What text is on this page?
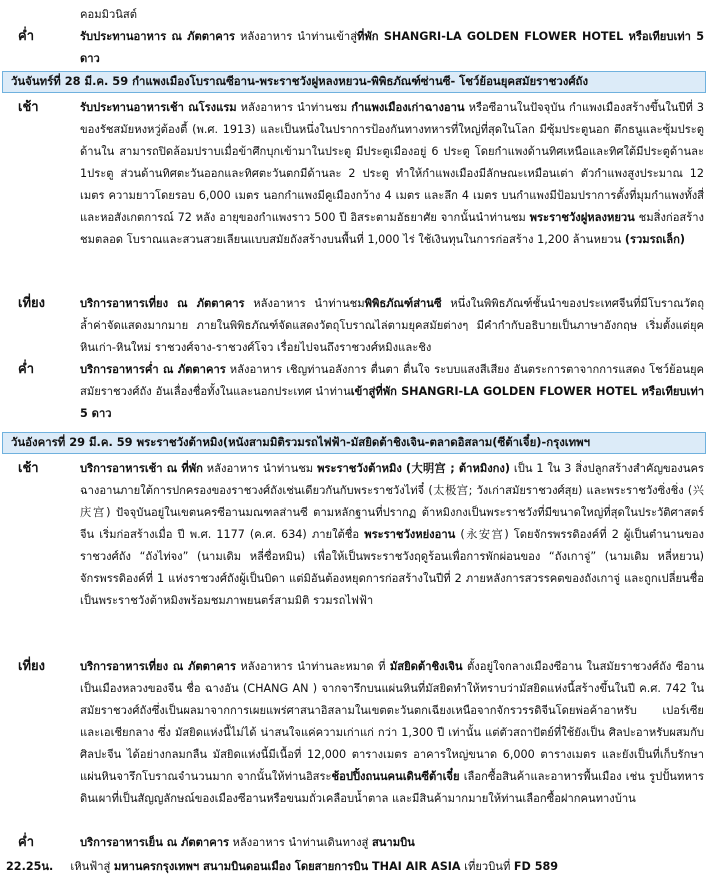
คอมมิวนิสต์
ค่ำ	รับประทานอาหาร ณ ภัตตาคาร หลังอาหาร นำท่านเข้าสู่ที่พัก SHANGRI-LA GOLDEN FLOWER HOTEL หรือเทียบเท่า 5 ดาว
วันจันทร์ที่ 28 มี.ค. 59 กำแพงเมืองโบราณซีอาน-พระราชวังฝูหลงหยวน-พิพิธภัณฑ์ซ่านซี- โชว์ย้อนยุคสมัยราชวงศ์ถัง
เช้า	รับประทานอาหารเช้า ณโรงแรม หลังอาหาร นำท่านชม กำแพงเมืองเก่าฉางอาน หรือซีอานในปัจจุบัน กำแพงเมืองสร้างขึ้นในปีที่ 3 ของรัชสมัยหงหวู่ต้องตี้ (พ.ศ. 1913) และเป็นหนึ่งในปราการป้องกันทางทหารที่ใหญ่ที่สุดในโลก มีซุ้มประตูนอก ตึกธนูและซุ้มประตูด้านใน สามารถปิดล้อมปราบเมื่อข้าศึกบุกเข้ามาในประตู มีประตูเมืองอยู่ 6 ประตู โดยกำแพงด้านทิศเหนือและทิศใต้มีประตูด้านละ 1ประตู ส่วนด้านทิศตะวันออกและทิศตะวันตกมีด้านละ 2 ประตู ทำให้กำแพงเมืองมีลักษณะเหมือนเต่า ตัวกำแพงสูงประมาณ 12 เมตร ความยาวโดยรอบ 6,000 เมตร นอกกำแพงมีคูเมืองกว้าง 4 เมตร และลึก 4 เมตร บนกำแพงมีป้อมปราการตั้งที่มุมกำแพงทั้งสี่ และหอสังเกตการณ์ 72 หลัง อายุของกำแพงราว 500 ปี อิสระตามอัธยาศัย จากนั้นนำท่านชม พระราชวังฝูหลงหยวน ชมสิ่งก่อสร้าง ชมตลอด โบราณและสวนสวยเลียนแบบสมัยถังสร้างบนพื้นที่ 1,000 ไร่ ใช้เงินทุนในการก่อสร้าง 1,200 ล้านหยวน (รวมรถเล็ก)
เที่ยง	บริการอาหารเที่ยง ณ ภัตตาคาร หลังอาหาร นำท่านชมพิพิธภัณฑ์ส่านซี หนึ่งในพิพิธภัณฑ์ชั้นนำของประเทศจีนที่มีโบราณวัตถุล้ำค่าจัดแสดงมากมาย ภายในพิพิธภัณฑ์จัดแสดงวัตถุโบราณไล่ตามยุคสมัยต่างๆ มีคำกำกับอธิบายเป็นภาษาอังกฤษ เริ่มตั้งแต่ยุคหินเก่า-หินใหม่ ราชวงศ์จาง-ราชวงศ์โจว เรื่อยไปจนถึงราชวงศ์หมิงและชิง
ค่ำ	บริการอาหารค่ำ ณ ภัตตาคาร หลังอาหาร เชิญท่านอลังการ ตื่นตา ตื่นใจ ระบบแสงสีเสียง อันตระการตาจากการแสดง โชว์ย้อนยุคสมัยราชวงศ์ถัง อันเลื่องชื่อทั้งในและนอกประเทศ นำท่านเข้าสู่ที่พัก SHANGRI-LA GOLDEN FLOWER HOTEL หรือเทียบเท่า 5 ดาว
วันอังคารที่ 29 มี.ค. 59 พระราชวังต้าหมิง(หนังสามมิติรวมรถไฟฟ้า-มัสยิดต้าชิงเจิน-ตลาดอิสลาม(ซีต้าเจี๋ย)-กรุงเทพฯ
เช้า	บริการอาหารเช้า ณ ที่พัก หลังอาหาร นำท่านชม พระราชวังต้าหมิง (大明宫 ; ต้าหมิงกง) เป็น 1 ใน 3 สิ่งปลูกสร้างสำคัญของนครฉางอานภายใต้การปกครองของราชวงศ์ถังเช่นเดียวกันกับพระราชวังไท่จี๋ (太极宫; วังเก่าสมัยราชวงศ์สุย) และพระราชวังซิ่งชิ่ง (兴庆宫) ปัจจุบันอยู่ในเขตนครซีอานมณฑลส่านซี ตามหลักฐานที่ปรากฏ ต้าหมิงกงเป็นพระราชวังที่มีขนาดใหญ่ที่สุดในประวัติศาสตร์จีน เริ่มก่อสร้างเมื่อ ปี พ.ศ. 1177 (ค.ศ. 634) ภายใต้ชื่อ พระราชวังหย่งอาน (永安宫) โดยจักรพรรดิองค์ที่ 2 ผู้เป็นตำนานของราชวงศ์ถัง “ถังไท่จง” (นามเดิม หลี่ซื่อหมิน) เพื่อให้เป็นพระราชวังฤดูร้อนเพื่อการพักผ่อนของ “ถังเกาจู่” (นามเดิม หลี่หยวน) จักรพรรดิองค์ที่ 1 แห่งราชวงศ์ถังผู้เป็นบิดา แต่มิอันต้องหยุดการก่อสร้างในปีที่ 2 ภายหลังการสวรรคตของถังเกาจู่ และถูกเปลี่ยนชื่อเป็นพระราชวังต้าหมิงพร้อมชมภาพยนตร์สามมิติ รวมรถไฟฟ้า
เที่ยง	บริการอาหารเที่ยง ณ ภัตตาคาร หลังอาหาร นำท่านละหมาด ที่ มัสยิดต้าชิงเจิน ตั้งอยู่ใจกลางเมืองซีอาน ในสมัยราชวงศ์ถัง ซีอานเป็นเมืองหลวงของจีน ชื่อ ฉางอัน (CHANG AN ) จากจารึกบนแผ่นหินที่มัสยิดทำให้ทราบว่ามัสยิดแห่งนี้สร้างขึ้นในปี ค.ศ. 742 ในสมัยราชวงศ์ถังซึ่งเป็นผลมาจากการเผยแพร่ศาสนาอิสลามในเขตตะวันตกเฉียงเหนือจากจักรวรรดิจีนโดยพ่อค้าอาหรับ เปอร์เซีย และเอเชียกลาง ซึ่ง มัสยิดแห่งนี้ไม่ได้ น่าสนใจแค่ความเก่าแก่ กว่า 1,300 ปี เท่านั้น แต่ตัวสถาปัตย์ที่ใช้ยังเป็น ศิลปะอาหรับผสมกับศิลปะจีน ได้อย่างกลมกลืน มัสยิดแห่งนี้มีเนื้อที่ 12,000 ตารางเมตร อาคารใหญ่ขนาด 6,000 ตารางเมตร และยังเป็นที่เก็บรักษาแผ่นหินจารึกโบราณจำนวนมาก จากนั้นให้ท่านอิสระช้อปปิ้งถนนคนเดินซีต้าเจี๋ย เลือกซื้อสินค้าและอาหารพื้นเมือง เช่น รูปปั้นทหารดินเผาที่เป็นสัญญลักษณ์ของเมืองซีอานหรือขนมถั่วเคลือบน้ำตาล และมีสินค้ามากมายให้ท่านเลือกซื้อฝากคนทางบ้าน
ค่ำ	บริการอาหารเย็น ณ ภัตตาคาร หลังอาหาร นำท่านเดินทางสู่ สนามบิน
22.25น. เหินฟ้าสู่ มหานครกรุงเทพฯ สนามบินดอนเมือง โดยสายการบิน THAI AIR ASIA เที่ยวบินที่ FD 589
